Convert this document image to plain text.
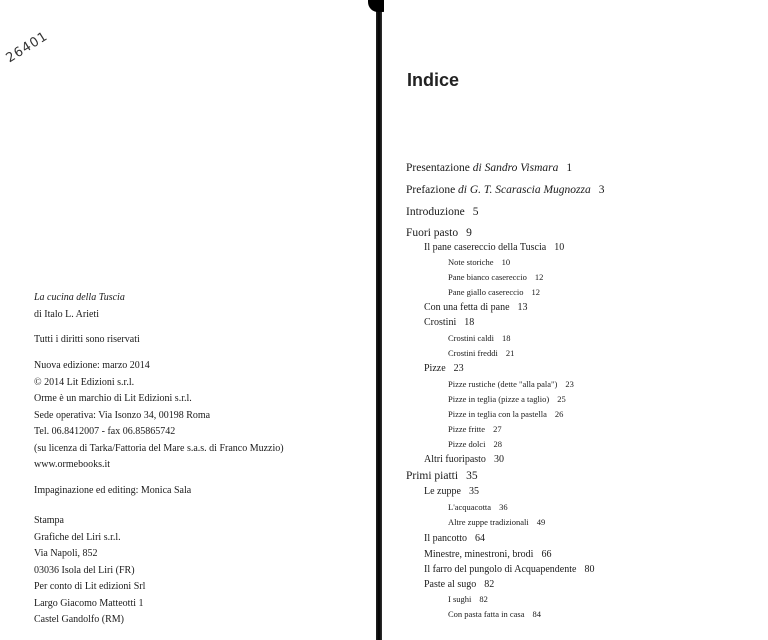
26401
La cucina della Tuscia
di Italo L. Arieti
Tutti i diritti sono riservati
Nuova edizione: marzo 2014
© 2014 Lit Edizioni s.r.l.
Orme è un marchio di Lit Edizioni s.r.l.
Sede operativa: Via Isonzo 34, 00198 Roma
Tel. 06.8412007 - fax 06.85865742
(su licenza di Tarka/Fattoria del Mare s.a.s. di Franco Muzzio)
www.ormebooks.it
Impaginazione ed editing: Monica Sala
Stampa
Grafiche del Liri s.r.l.
Via Napoli, 852
03036 Isola del Liri (FR)
Per conto di Lit edizioni Srl
Largo Giacomo Matteotti 1
Castel Gandolfo (RM)
Indice
Presentazione di Sandro Vismara 1
Prefazione di G. T. Scarascia Mugnozza 3
Introduzione 5
Fuori pasto 9
Il pane casereccio della Tuscia 10
Note storiche 10
Pane bianco casereccio 12
Pane giallo casereccio 12
Con una fetta di pane 13
Crostini 18
Crostini caldi 18
Crostini freddi 21
Pizze 23
Pizze rustiche (dette "alla pala") 23
Pizze in teglia (pizze a taglio) 25
Pizze in teglia con la pastella 26
Pizze fritte 27
Pizze dolci 28
Altri fuoripasto 30
Primi piatti 35
Le zuppe 35
L'acquacotta 36
Altre zuppe tradizionali 49
Il pancotto 64
Minestre, minestroni, brodi 66
Il farro del pungolo di Acquapendente 80
Paste al sugo 82
I sughi 82
Con pasta fatta in casa 84
